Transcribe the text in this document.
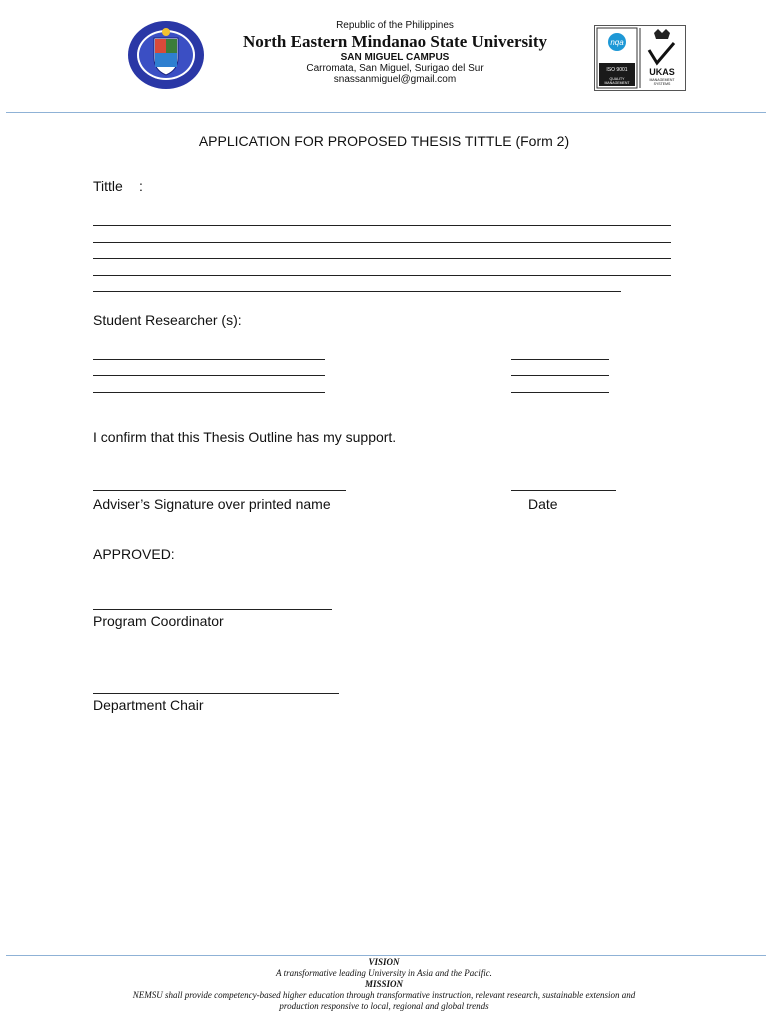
Republic of the Philippines
North Eastern Mindanao State University
SAN MIGUEL CAMPUS
Carromata, San Miguel, Surigao del Sur
snassanmiguel@gmail.com
nqa
ISO 9001
QUALITY
MANAGEMENT
UKAS
MANAGEMENT
SYSTEMS
APPLICATION FOR PROPOSED THESIS TITTLE (Form 2)
Tittle :
Student Researcher (s):
I confirm that this Thesis Outline has my support.
Adviser’s Signature over printed name	Date
APPROVED:
Program Coordinator
Department Chair
VISION
A transformative leading University in Asia and the Pacific.
MISSION
NEMSU shall provide competency-based higher education through transformative instruction, relevant research, sustainable extension and
production responsive to local, regional and global trends
